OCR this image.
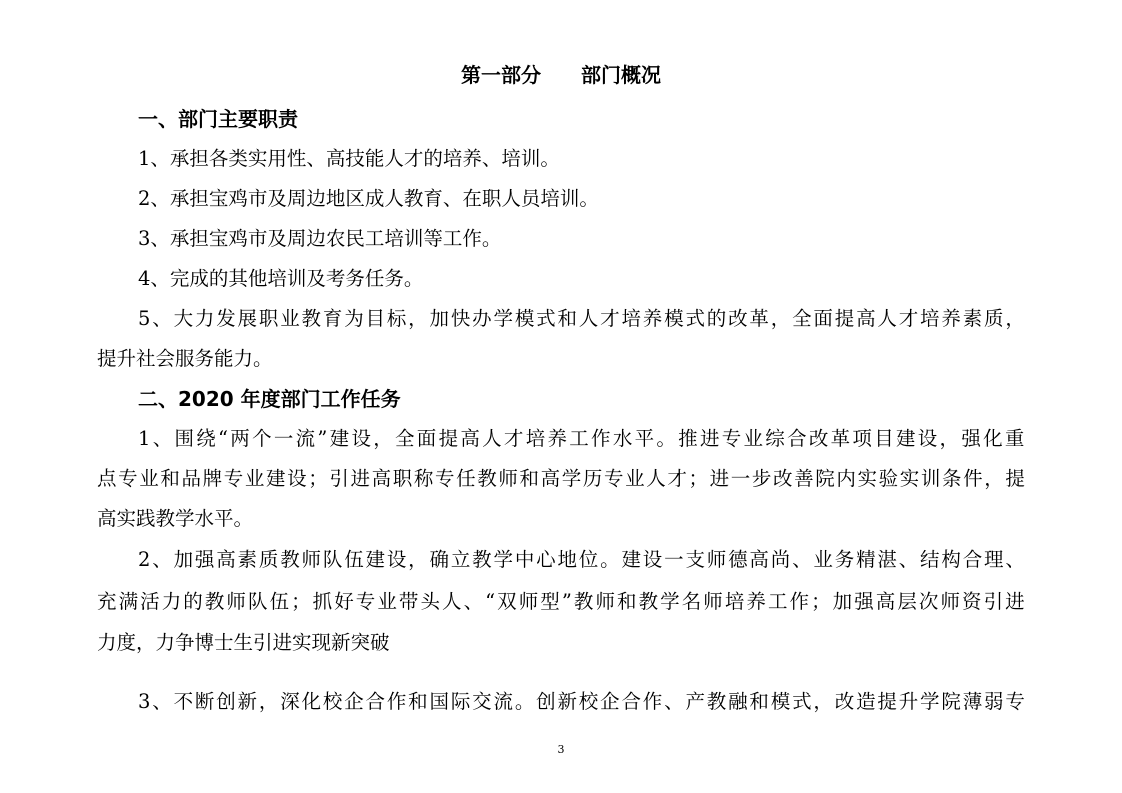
第一部分　　部门概况
一、部门主要职责
1、承担各类实用性、高技能人才的培养、培训。
2、承担宝鸡市及周边地区成人教育、在职人员培训。
3、承担宝鸡市及周边农民工培训等工作。
4、完成的其他培训及考务任务。
5 、 大 力 发 展 职 业 教 育 为 目 标 ， 加 快 办 学 模 式 和 人 才 培 养 模 式 的 改 革 ， 全 面 提 高 人 才 培 养 素 质 ，
提升社会服务能力。
二、2020 年度部门工作任务
1 、 围 绕 “ 两 个 一 流 ” 建 设 ， 全 面 提 高 人 才 培 养 工 作 水 平 。 推 进 专 业 综 合 改 革 项 目 建 设 ， 强 化 重
点 专 业 和 品 牌 专 业 建 设 ； 引 进 高 职 称 专 任 教 师 和 高 学 历 专 业 人 才 ； 进 一 步 改 善 院 内 实 验 实 训 条 件 ， 提
高实践教学水平。
2 、 加 强 高 素 质 教 师 队 伍 建 设 ， 确 立 教 学 中 心 地 位 。 建 设 一 支 师 德 高 尚 、 业 务 精 湛 、 结 构 合 理 、
充 满 活 力 的 教 师 队 伍 ； 抓 好 专 业 带 头 人 、 “ 双 师 型 ” 教 师 和 教 学 名 师 培 养 工 作 ； 加 强 高 层 次 师 资 引 进
力度，力争博士生引进实现新突破
3 、 不 断 创 新 ， 深 化 校 企 合 作 和 国 际 交 流 。 创 新 校 企 合 作 、 产 教 融 和 模 式 ， 改 造 提 升 学 院 薄 弱 专
3
